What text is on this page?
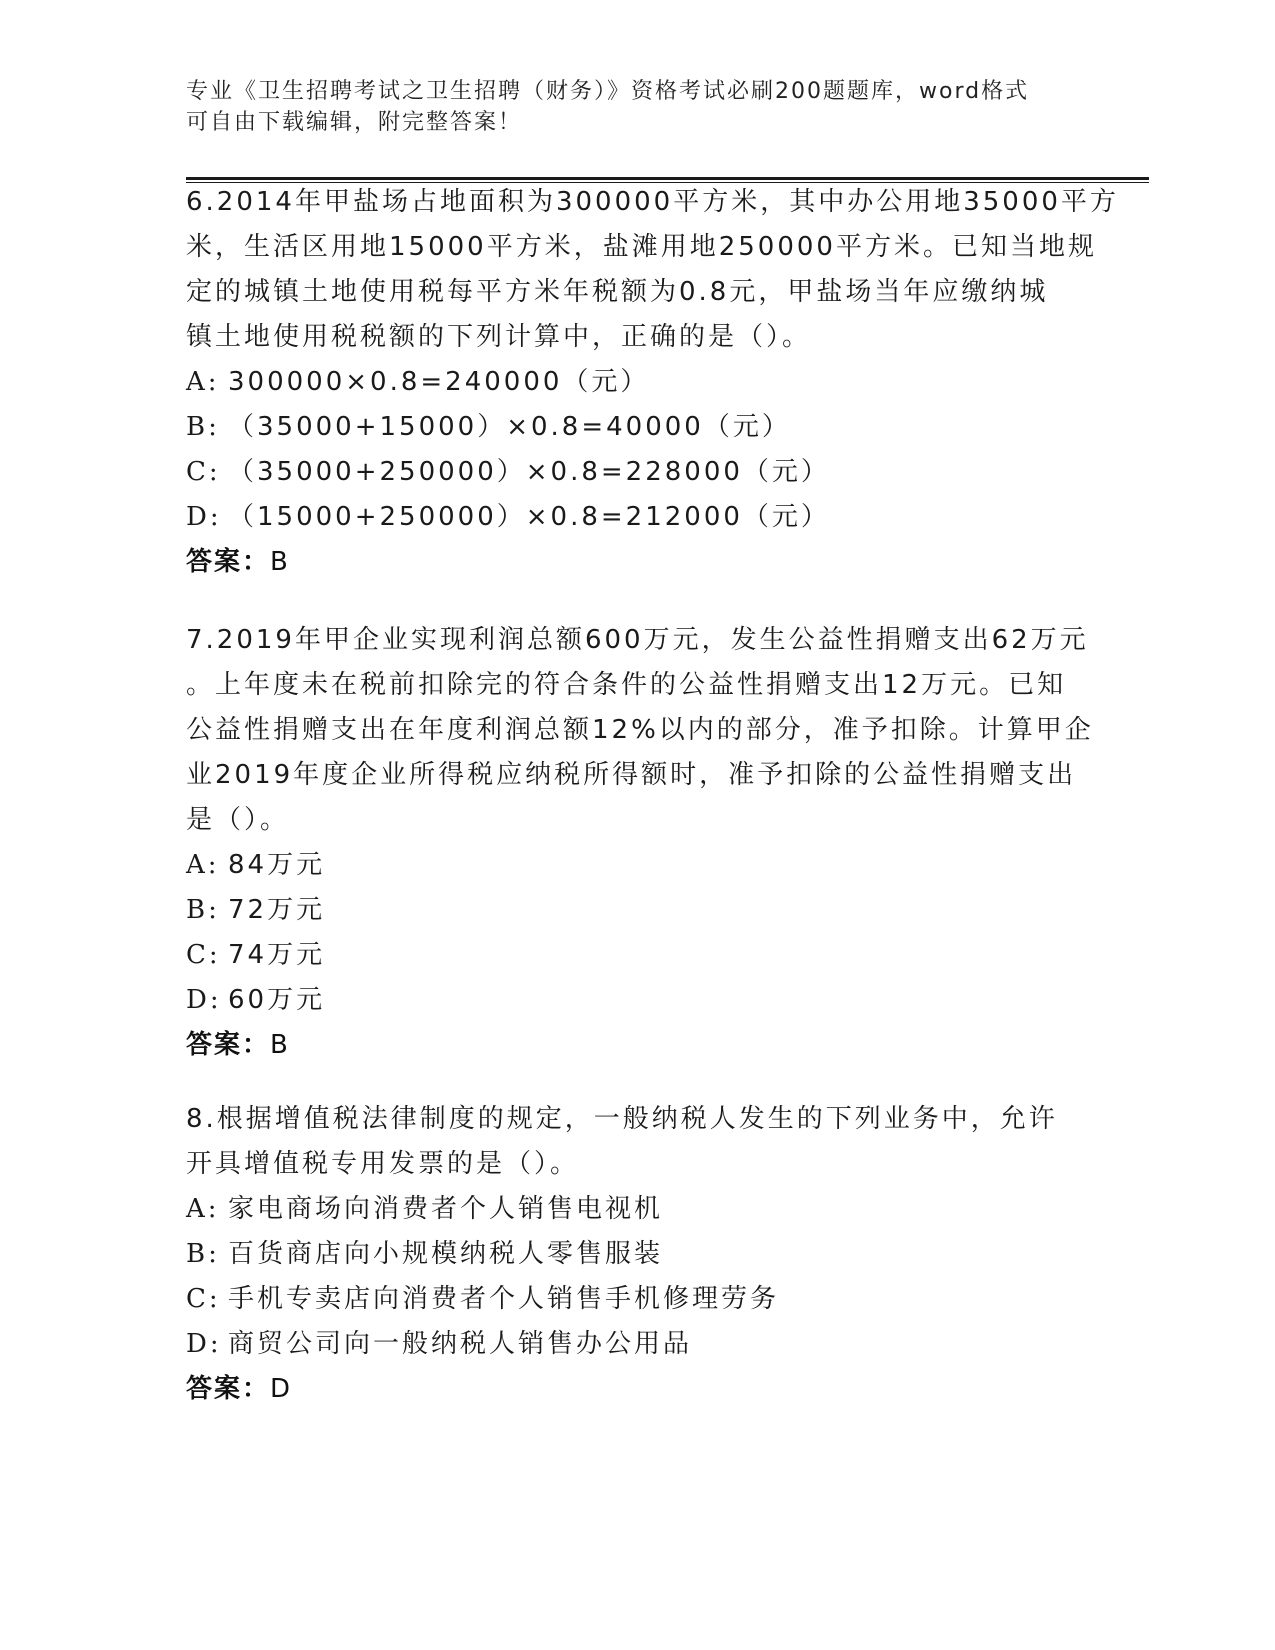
专业《卫生招聘考试之卫生招聘（财务）》资格考试必刷200题题库，word格式
可自由下载编辑，附完整答案！
6.2014年甲盐场占地面积为300000平方米，其中办公用地35000平方
米，生活区用地15000平方米，盐滩用地250000平方米。已知当地规
定的城镇土地使用税每平方米年税额为0.8元，甲盐场当年应缴纳城
镇土地使用税税额的下列计算中，正确的是（）。
A: 300000×0.8=240000（元）
B: （35000+15000）×0.8=40000（元）
C: （35000+250000）×0.8=228000（元）
D: （15000+250000）×0.8=212000（元）
答案：B
7.2019年甲企业实现利润总额600万元，发生公益性捐赠支出62万元
。上年度未在税前扣除完的符合条件的公益性捐赠支出12万元。已知
公益性捐赠支出在年度利润总额12%以内的部分，准予扣除。计算甲企
业2019年度企业所得税应纳税所得额时，准予扣除的公益性捐赠支出
是（）。
A: 84万元
B: 72万元
C: 74万元
D: 60万元
答案：B
8.根据增值税法律制度的规定，一般纳税人发生的下列业务中，允许
开具增值税专用发票的是（）。
A: 家电商场向消费者个人销售电视机
B: 百货商店向小规模纳税人零售服装
C: 手机专卖店向消费者个人销售手机修理劳务
D: 商贸公司向一般纳税人销售办公用品
答案：D
